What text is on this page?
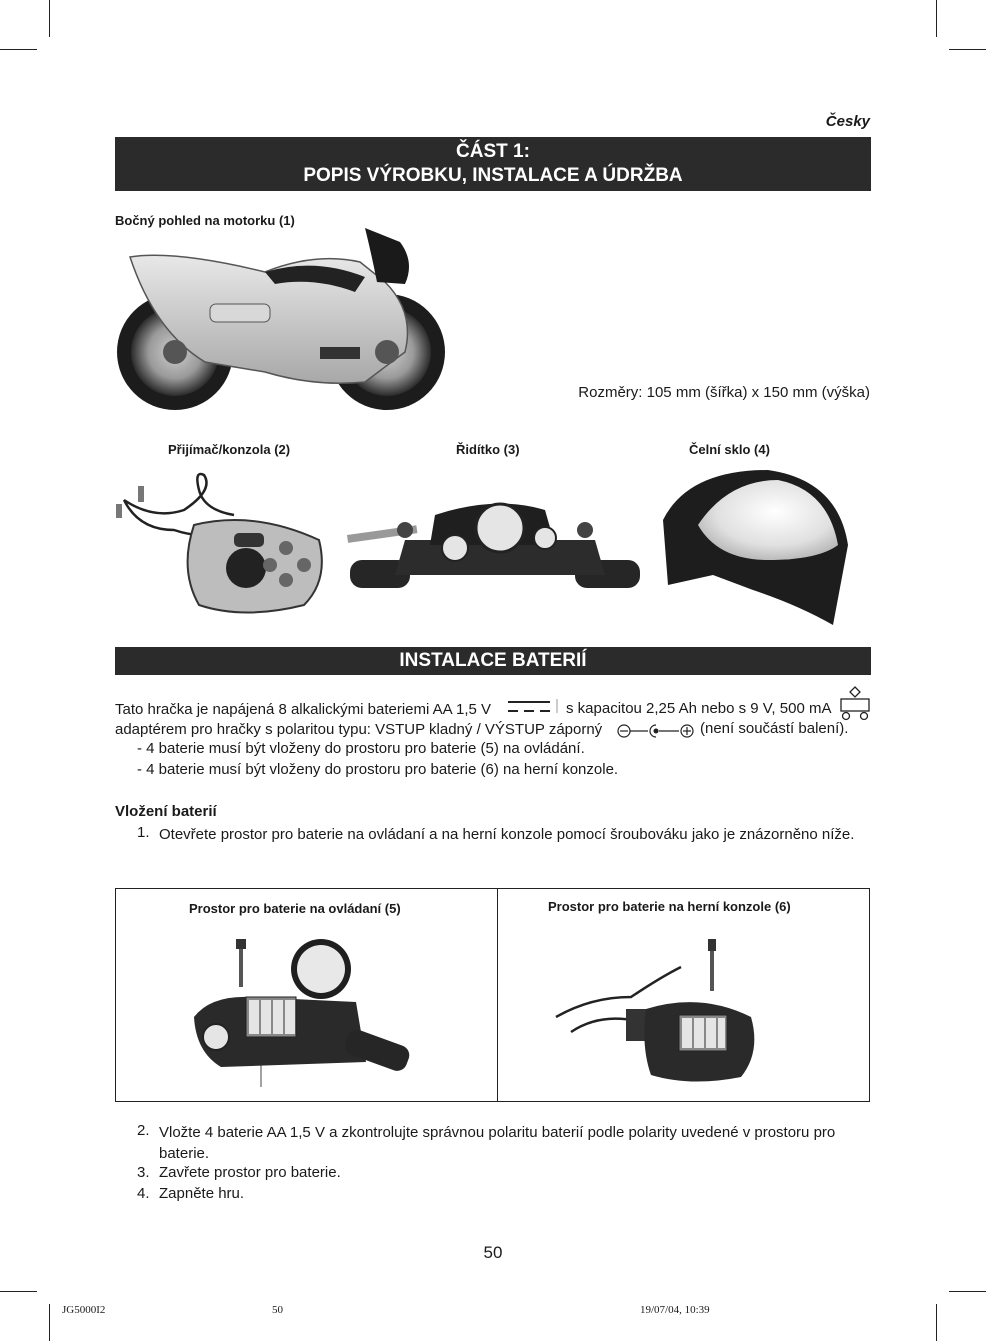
Česky
ČÁST 1:
POPIS VÝROBKU, INSTALACE A ÚDRŽBA
Bočný pohled na motorku (1)
Rozměry: 105 mm (šířka) x 150 mm (výška)
Přijímač/konzola (2)	Řidítko (3)	Čelní sklo (4)
INSTALACE BATERIÍ
Tato hračka je napájená 8 alkalickými bateriemi AA 1,5 V
adaptérem pro hračky s polaritou typu: VSTUP kladný / VÝSTUP záporný
s kapacitou 2,25 Ah nebo s 9 V, 500 mA
(není součástí balení).
- 4 baterie musí být vloženy do prostoru pro baterie (5) na ovládání.
- 4 baterie musí být vloženy do prostoru pro baterie (6) na herní konzole.
Vložení baterií
1. Otevřete prostor pro baterie na ovládaní a na herní konzole pomocí šroubováku jako je znázorněno níže.
Prostor pro baterie na ovládaní (5)	Prostor pro baterie na herní konzole (6)
2. Vložte 4 baterie AA 1,5 V a zkontrolujte správnou polaritu baterií podle polarity uvedené v prostoru pro baterie.
3. Zavřete prostor pro baterie.
4. Zapněte hru.
50
JG5000I2	50	19/07/04, 10:39
